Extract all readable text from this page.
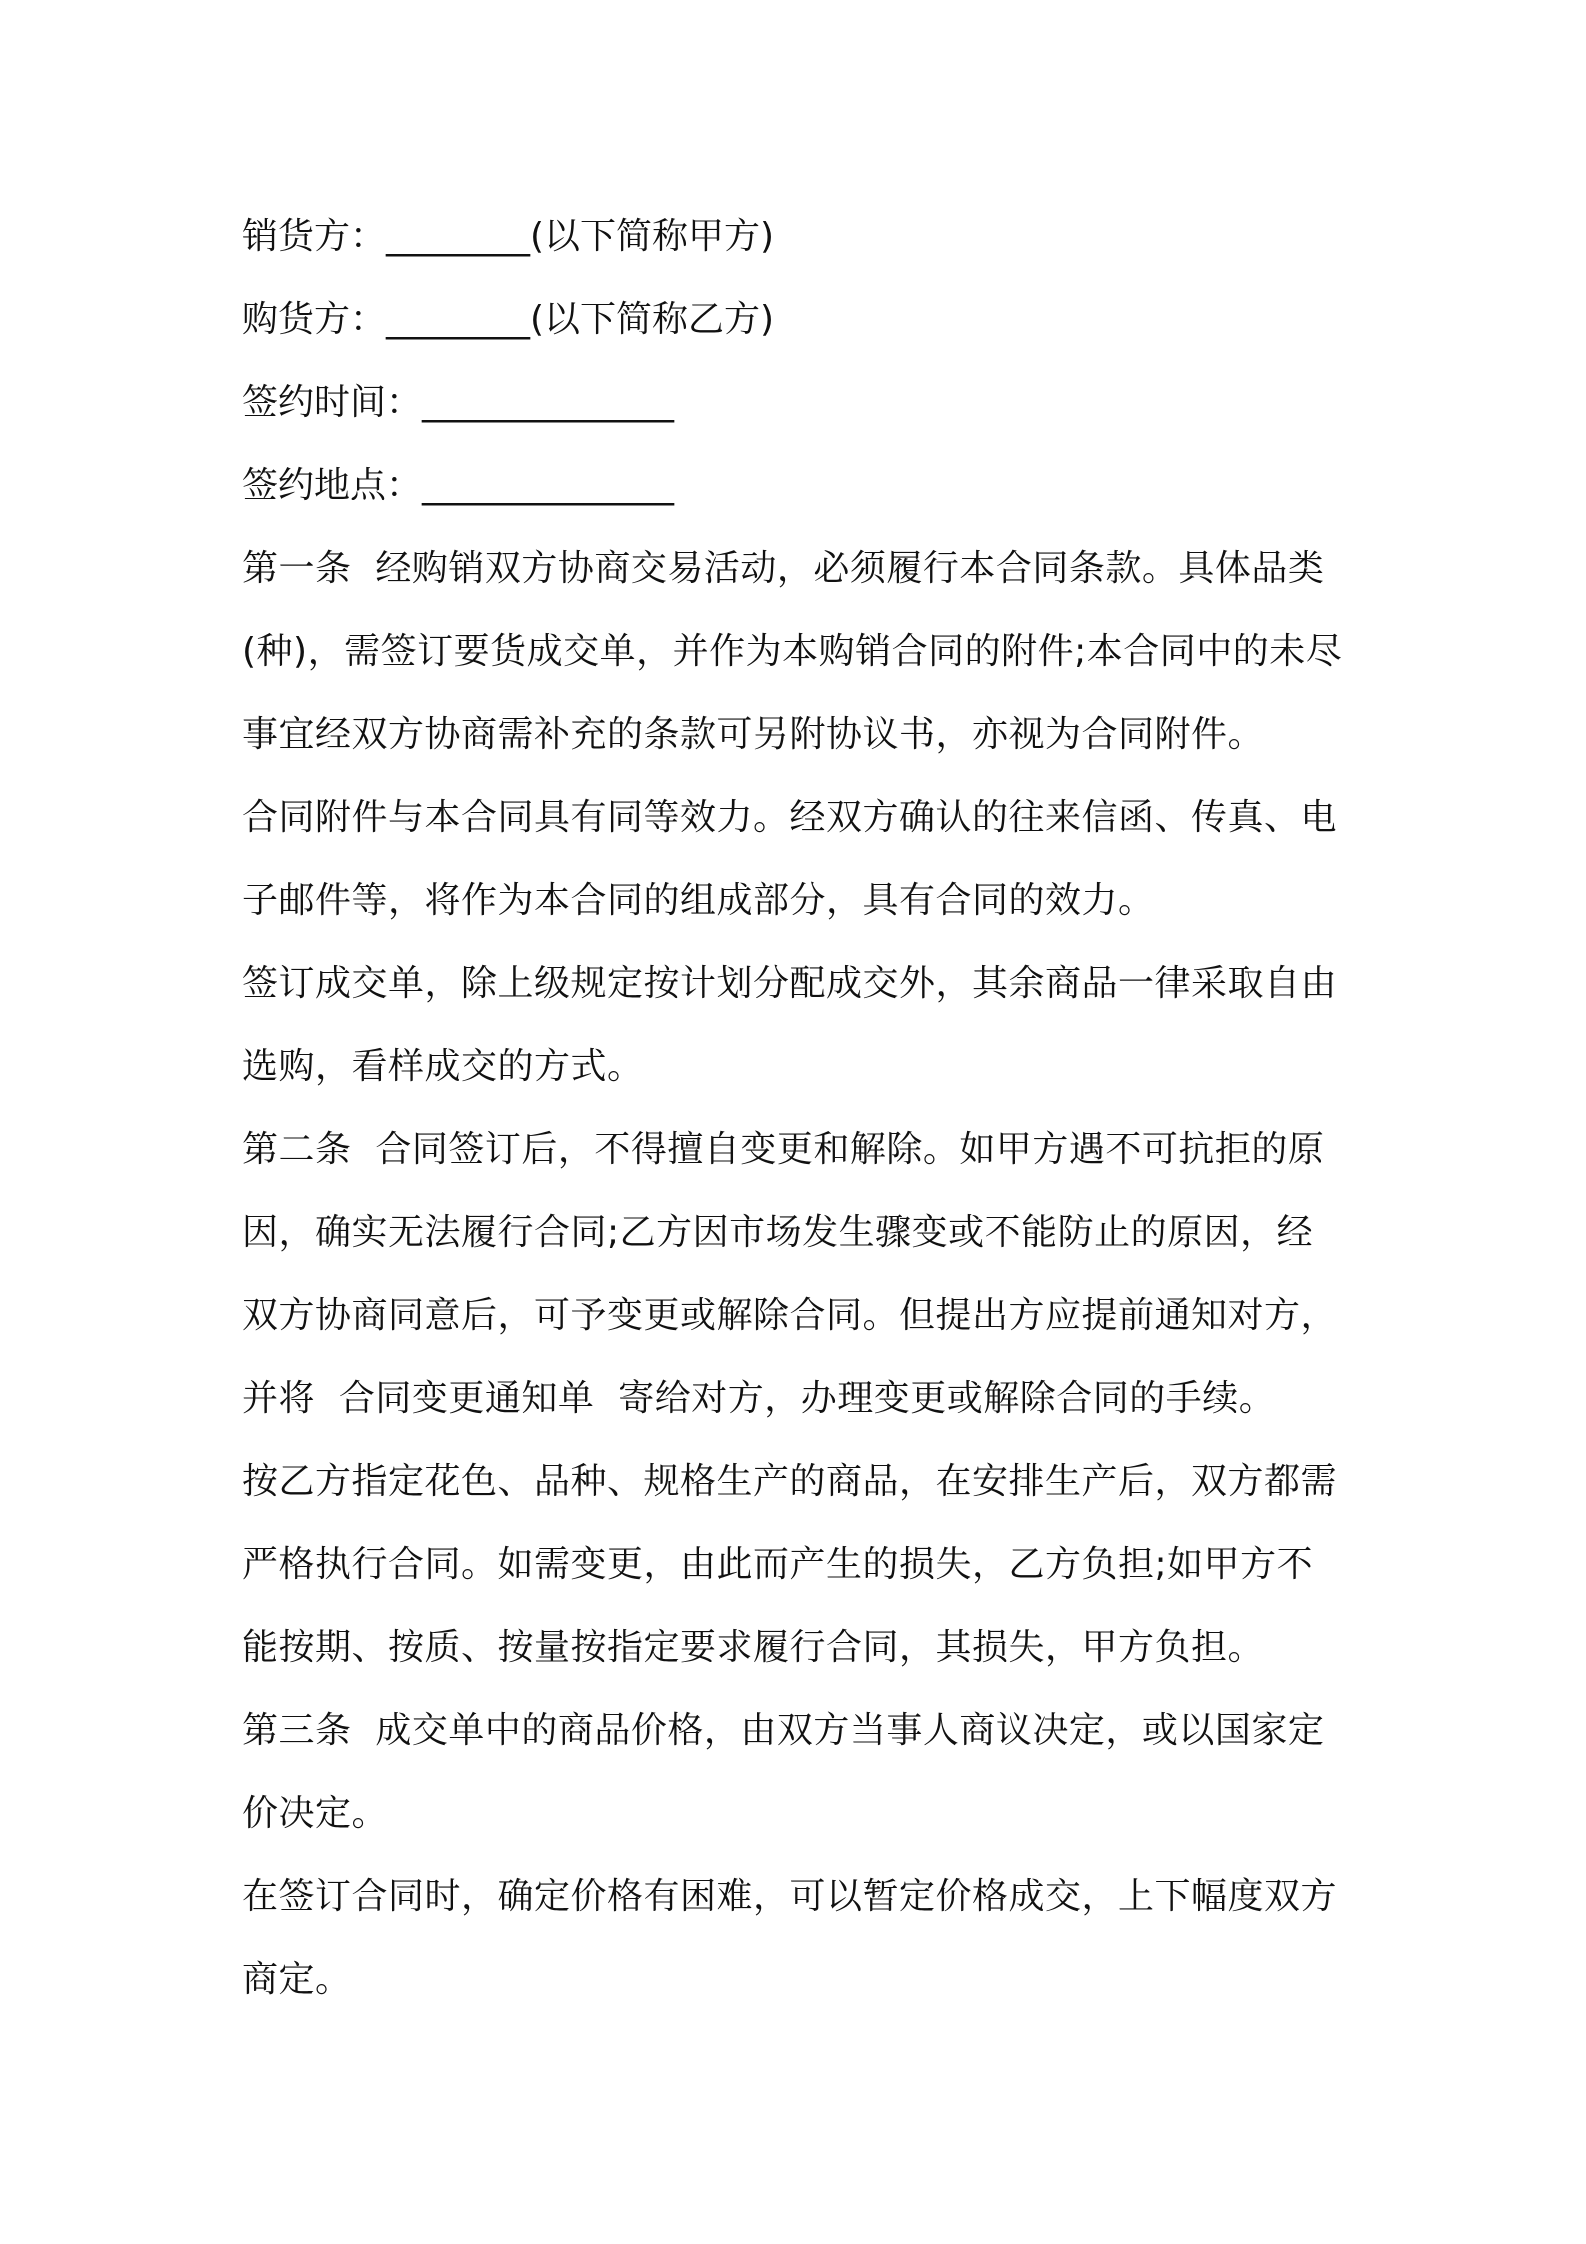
销货方：________(以下简称甲方)

购货方：________(以下简称乙方)

签约时间：______________

签约地点：______________

第一条  经购销双方协商交易活动，必须履行本合同条款。具体品类

(种)，需签订要货成交单，并作为本购销合同的附件;本合同中的未尽

事宜经双方协商需补充的条款可另附协议书，亦视为合同附件。

合同附件与本合同具有同等效力。经双方确认的往来信函、传真、电

子邮件等，将作为本合同的组成部分，具有合同的效力。

签订成交单，除上级规定按计划分配成交外，其余商品一律采取自由

选购，看样成交的方式。

第二条  合同签订后，不得擅自变更和解除。如甲方遇不可抗拒的原

因，确实无法履行合同;乙方因市场发生骤变或不能防止的原因，经

双方协商同意后，可予变更或解除合同。但提出方应提前通知对方，

并将  合同变更通知单  寄给对方，办理变更或解除合同的手续。

按乙方指定花色、品种、规格生产的商品，在安排生产后，双方都需

严格执行合同。如需变更，由此而产生的损失，乙方负担;如甲方不

能按期、按质、按量按指定要求履行合同，其损失，甲方负担。

第三条  成交单中的商品价格，由双方当事人商议决定，或以国家定

价决定。

在签订合同时，确定价格有困难，可以暂定价格成交，上下幅度双方

商定。
